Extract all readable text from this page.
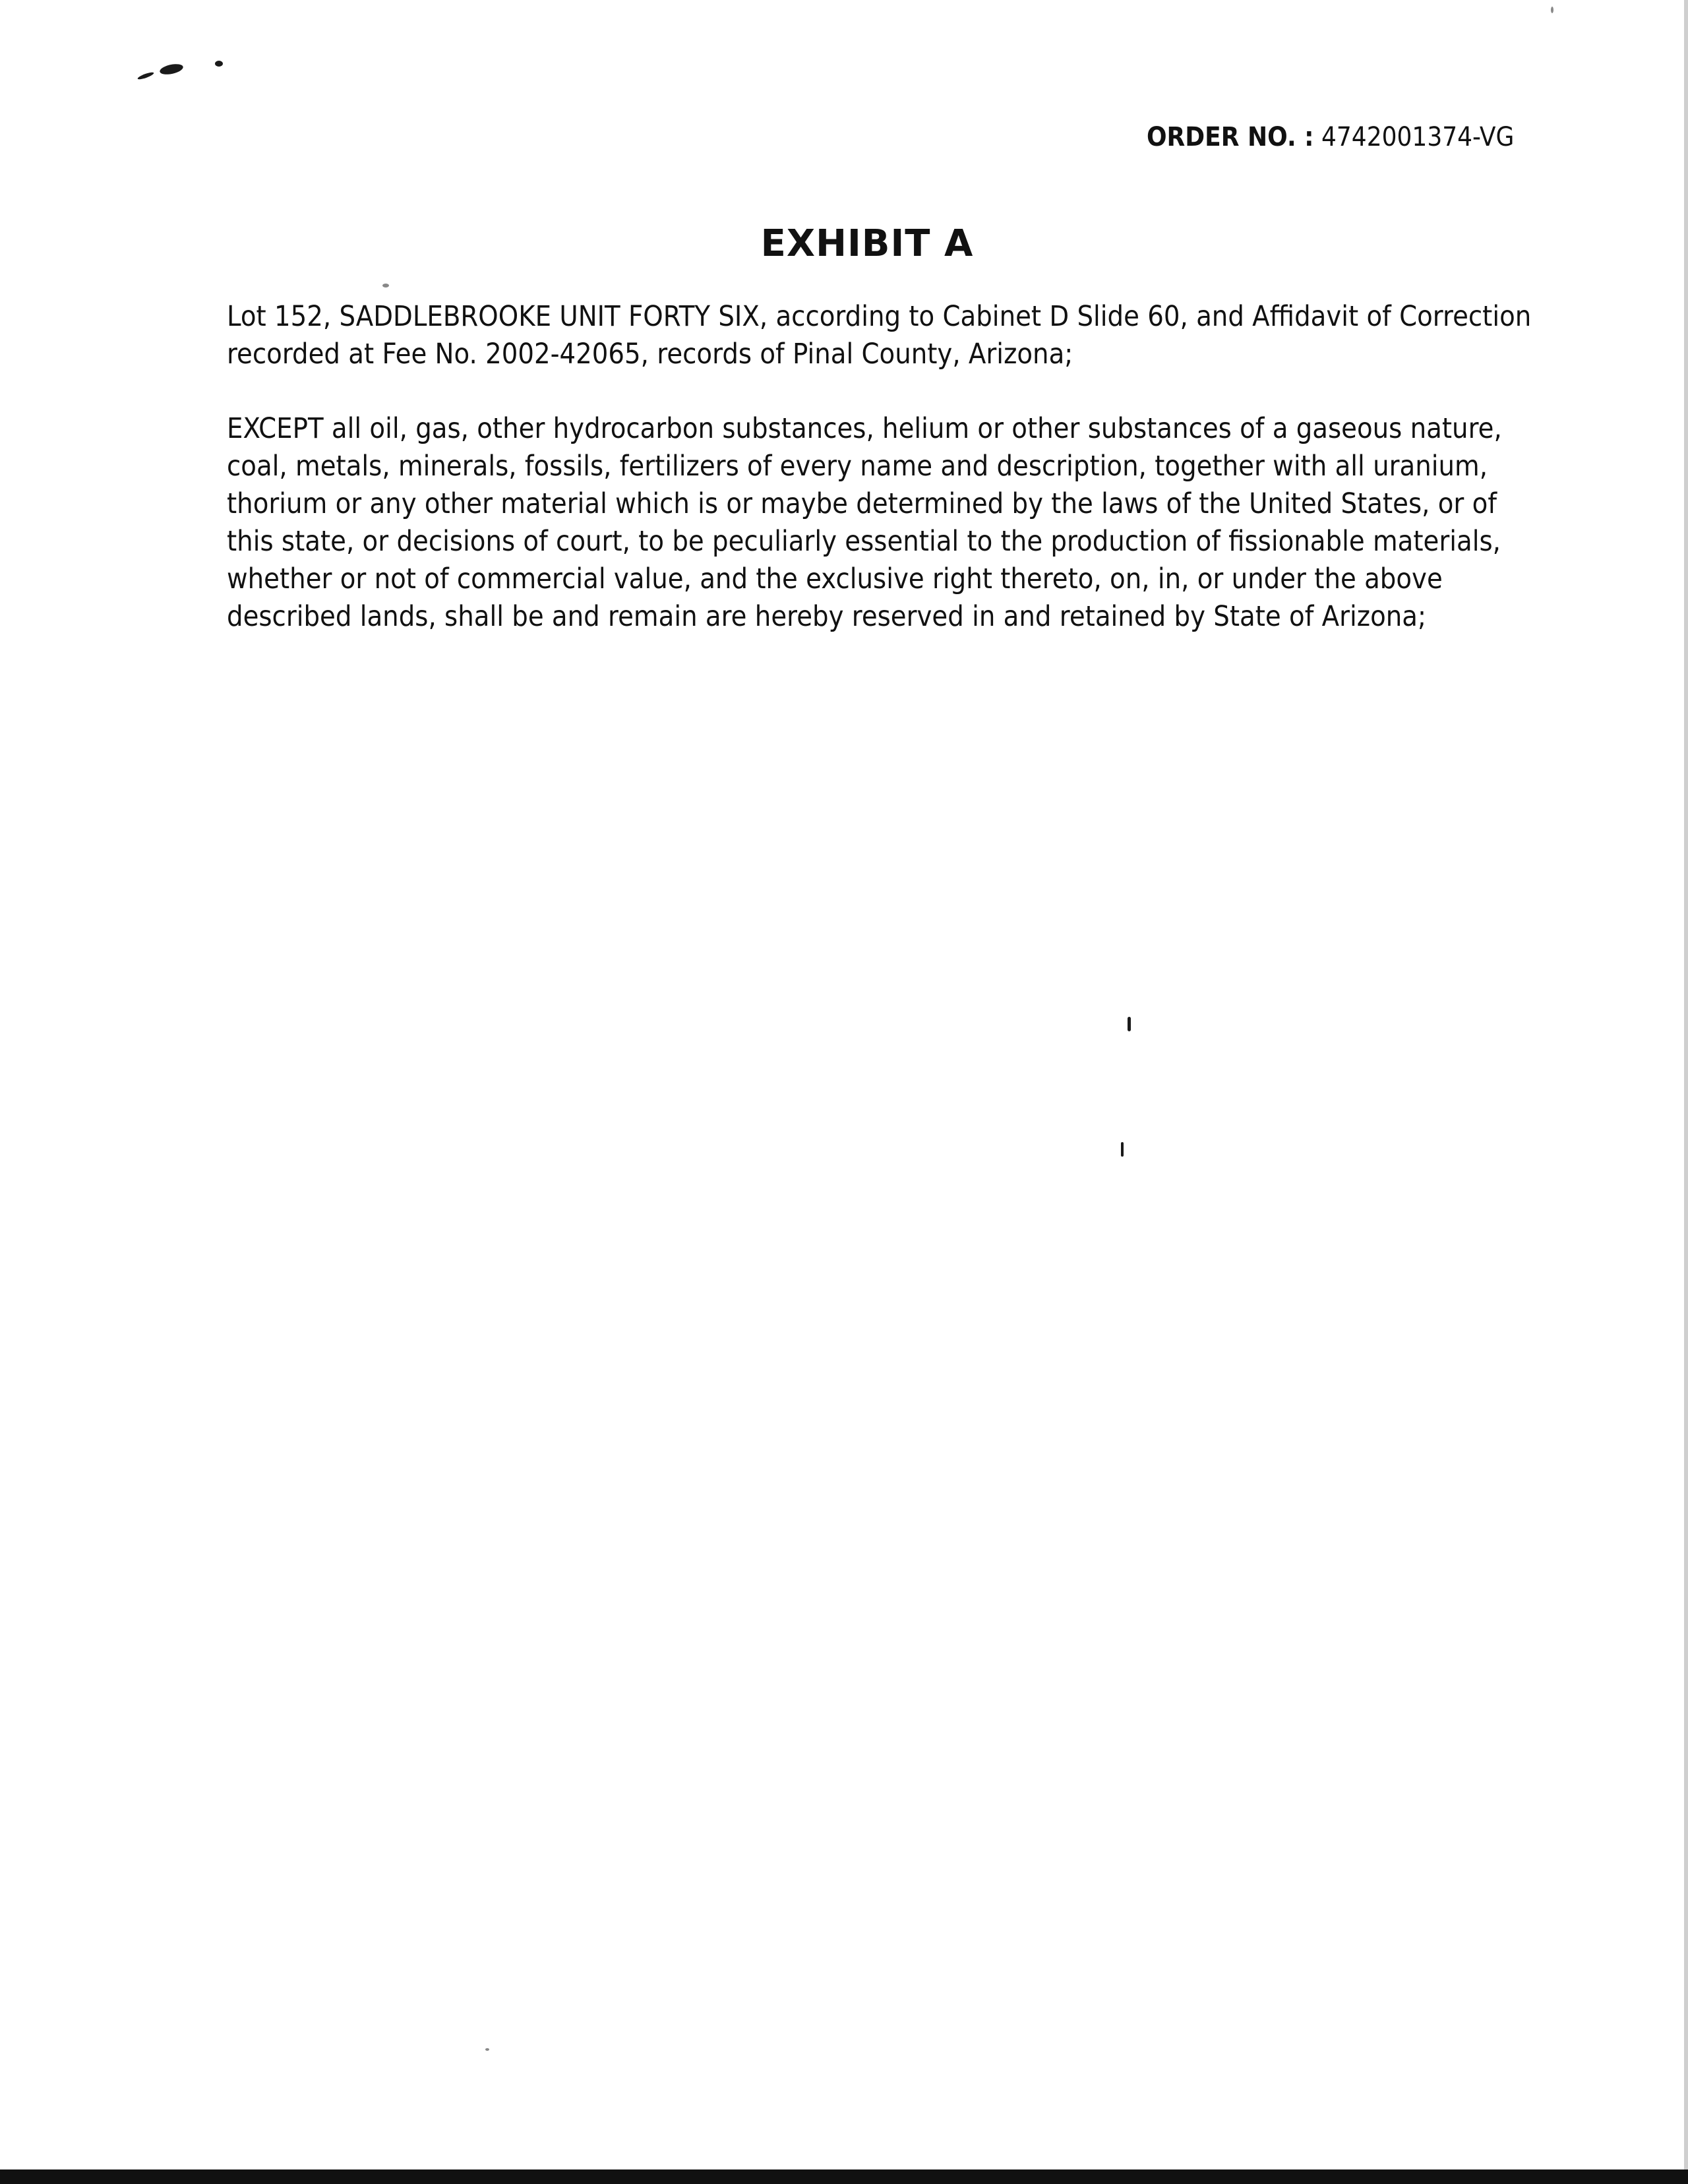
ORDER NO. : 4742001374-VG
EXHIBIT A

Lot 152, SADDLEBROOKE UNIT FORTY SIX, according to Cabinet D Slide 60, and Affidavit of Correction recorded at Fee No. 2002-42065, records of Pinal County, Arizona;

EXCEPT all oil, gas, other hydrocarbon substances, helium or other substances of a gaseous nature, coal, metals, minerals, fossils, fertilizers of every name and description, together with all uranium, thorium or any other material which is or maybe determined by the laws of the United States, or of this state, or decisions of court, to be peculiarly essential to the production of fissionable materials, whether or not of commercial value, and the exclusive right thereto, on, in, or under the above described lands, shall be and remain are hereby reserved in and retained by State of Arizona;
